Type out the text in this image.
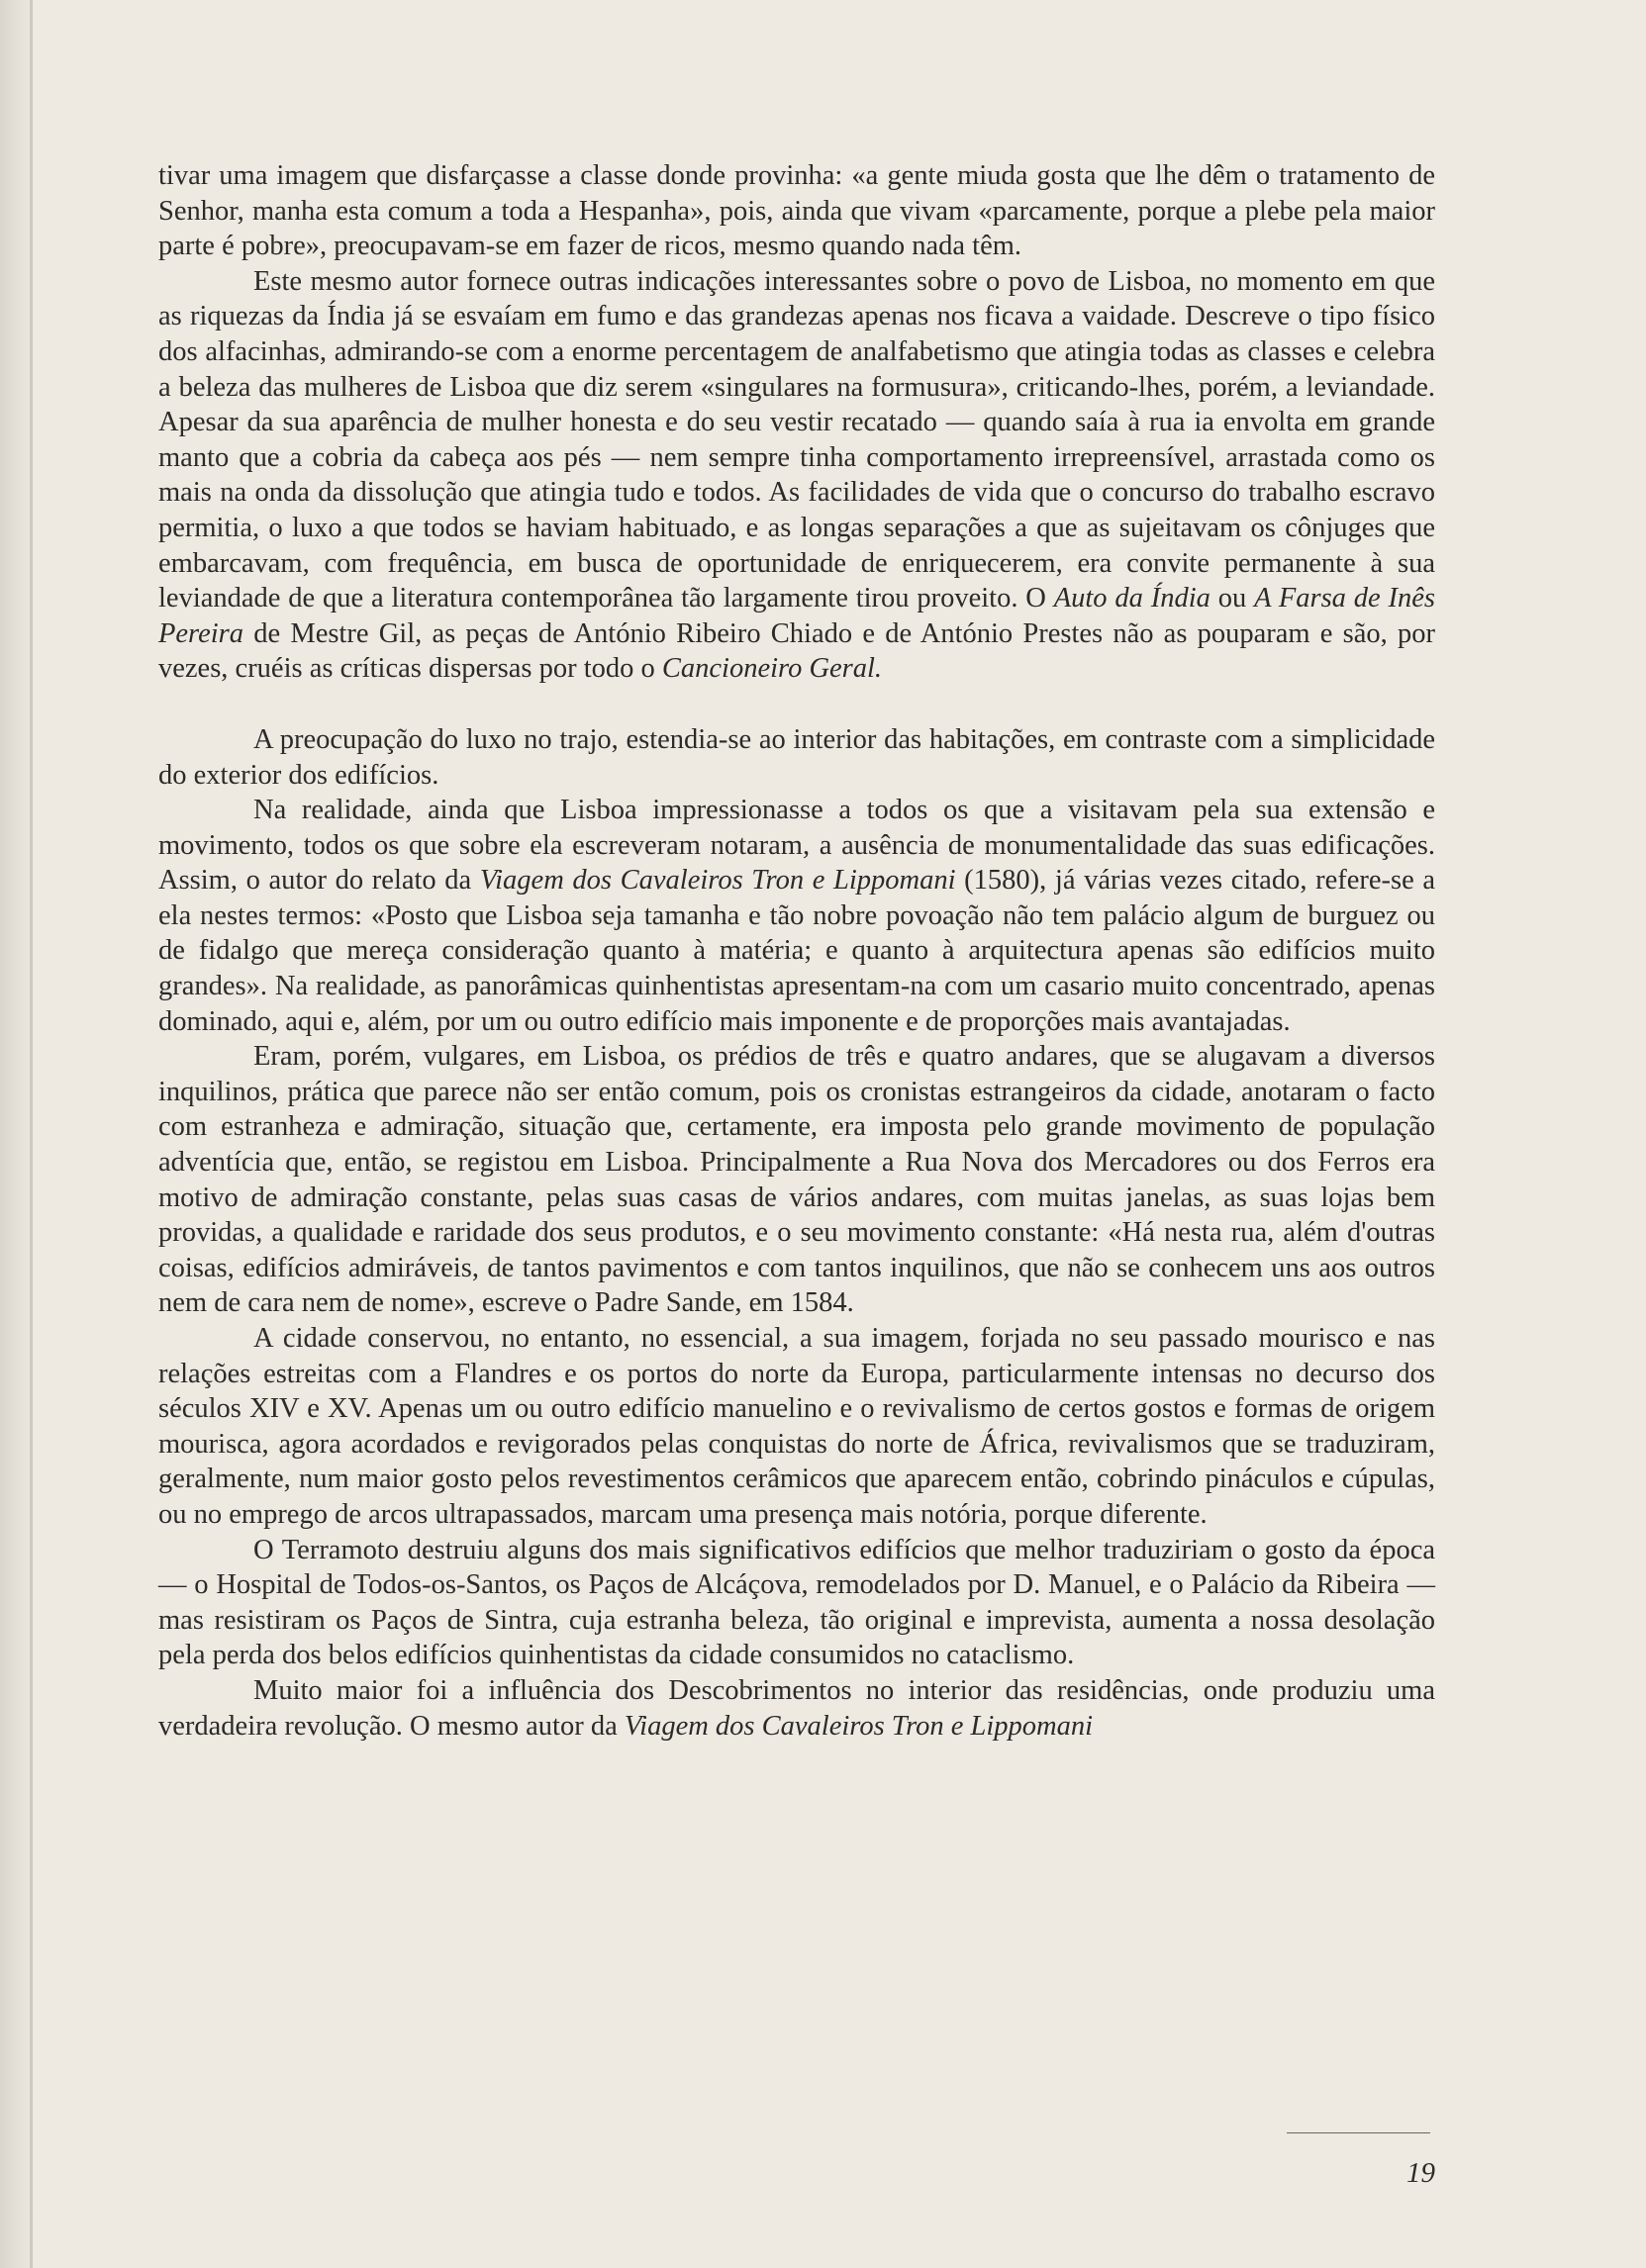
tivar uma imagem que disfarçasse a classe donde provinha: «a gente miuda gosta que lhe dêm o tratamento de Senhor, manha esta comum a toda a Hespanha», pois, ainda que vivam «parcamente, porque a plebe pela maior parte é pobre», preocupavam-se em fazer de ricos, mesmo quando nada têm.

Este mesmo autor fornece outras indicações interessantes sobre o povo de Lisboa, no momento em que as riquezas da Índia já se esvaíam em fumo e das grandezas apenas nos ficava a vaidade. Descreve o tipo físico dos alfacinhas, admirando-se com a enorme percentagem de analfabetismo que atingia todas as classes e celebra a beleza das mulheres de Lisboa que diz serem «singulares na formusura», criticando-lhes, porém, a leviandade. Apesar da sua aparência de mulher honesta e do seu vestir recatado — quando saía à rua ia envolta em grande manto que a cobria da cabeça aos pés — nem sempre tinha comportamento irrepreensível, arrastada como os mais na onda da dissolução que atingia tudo e todos. As facilidades de vida que o concurso do trabalho escravo permitia, o luxo a que todos se haviam habituado, e as longas separações a que as sujeitavam os cônjuges que embarcavam, com frequência, em busca de oportunidade de enriquecerem, era convite permanente à sua leviandade de que a literatura contemporânea tão largamente tirou proveito. O Auto da Índia ou A Farsa de Inês Pereira de Mestre Gil, as peças de António Ribeiro Chiado e de António Prestes não as pouparam e são, por vezes, cruéis as críticas dispersas por todo o Cancioneiro Geral.

A preocupação do luxo no trajo, estendia-se ao interior das habitações, em contraste com a simplicidade do exterior dos edifícios.

Na realidade, ainda que Lisboa impressionasse a todos os que a visitavam pela sua extensão e movimento, todos os que sobre ela escreveram notaram, a ausência de monumentalidade das suas edificações. Assim, o autor do relato da Viagem dos Cavaleiros Tron e Lippomani (1580), já várias vezes citado, refere-se a ela nestes termos: «Posto que Lisboa seja tamanha e tão nobre povoação não tem palácio algum de burguez ou de fidalgo que mereça consideração quanto à matéria; e quanto à arquitectura apenas são edifícios muito grandes». Na realidade, as panorâmicas quinhentistas apresentam-na com um casario muito concentrado, apenas dominado, aqui e, além, por um ou outro edifício mais imponente e de proporções mais avantajadas.

Eram, porém, vulgares, em Lisboa, os prédios de três e quatro andares, que se alugavam a diversos inquilinos, prática que parece não ser então comum, pois os cronistas estrangeiros da cidade, anotaram o facto com estranheza e admiração, situação que, certamente, era imposta pelo grande movimento de população adventícia que, então, se registou em Lisboa. Principalmente a Rua Nova dos Mercadores ou dos Ferros era motivo de admiração constante, pelas suas casas de vários andares, com muitas janelas, as suas lojas bem providas, a qualidade e raridade dos seus produtos, e o seu movimento constante: «Há nesta rua, além d'outras coisas, edifícios admiráveis, de tantos pavimentos e com tantos inquilinos, que não se conhecem uns aos outros nem de cara nem de nome», escreve o Padre Sande, em 1584.

A cidade conservou, no entanto, no essencial, a sua imagem, forjada no seu passado mourisco e nas relações estreitas com a Flandres e os portos do norte da Europa, particularmente intensas no decurso dos séculos XIV e XV. Apenas um ou outro edifício manuelino e o revivalismo de certos gostos e formas de origem mourisca, agora acordados e revigorados pelas conquistas do norte de África, revivalismos que se traduziram, geralmente, num maior gosto pelos revestimentos cerâmicos que aparecem então, cobrindo pináculos e cúpulas, ou no emprego de arcos ultrapassados, marcam uma presença mais notória, porque diferente.

O Terramoto destruiu alguns dos mais significativos edifícios que melhor traduziriam o gosto da época — o Hospital de Todos-os-Santos, os Paços de Alcáçova, remodelados por D. Manuel, e o Palácio da Ribeira — mas resistiram os Paços de Sintra, cuja estranha beleza, tão original e imprevista, aumenta a nossa desolação pela perda dos belos edifícios quinhentistas da cidade consumidos no cataclismo.

Muito maior foi a influência dos Descobrimentos no interior das residências, onde produziu uma verdadeira revolução. O mesmo autor da Viagem dos Cavaleiros Tron e Lippomani

19
